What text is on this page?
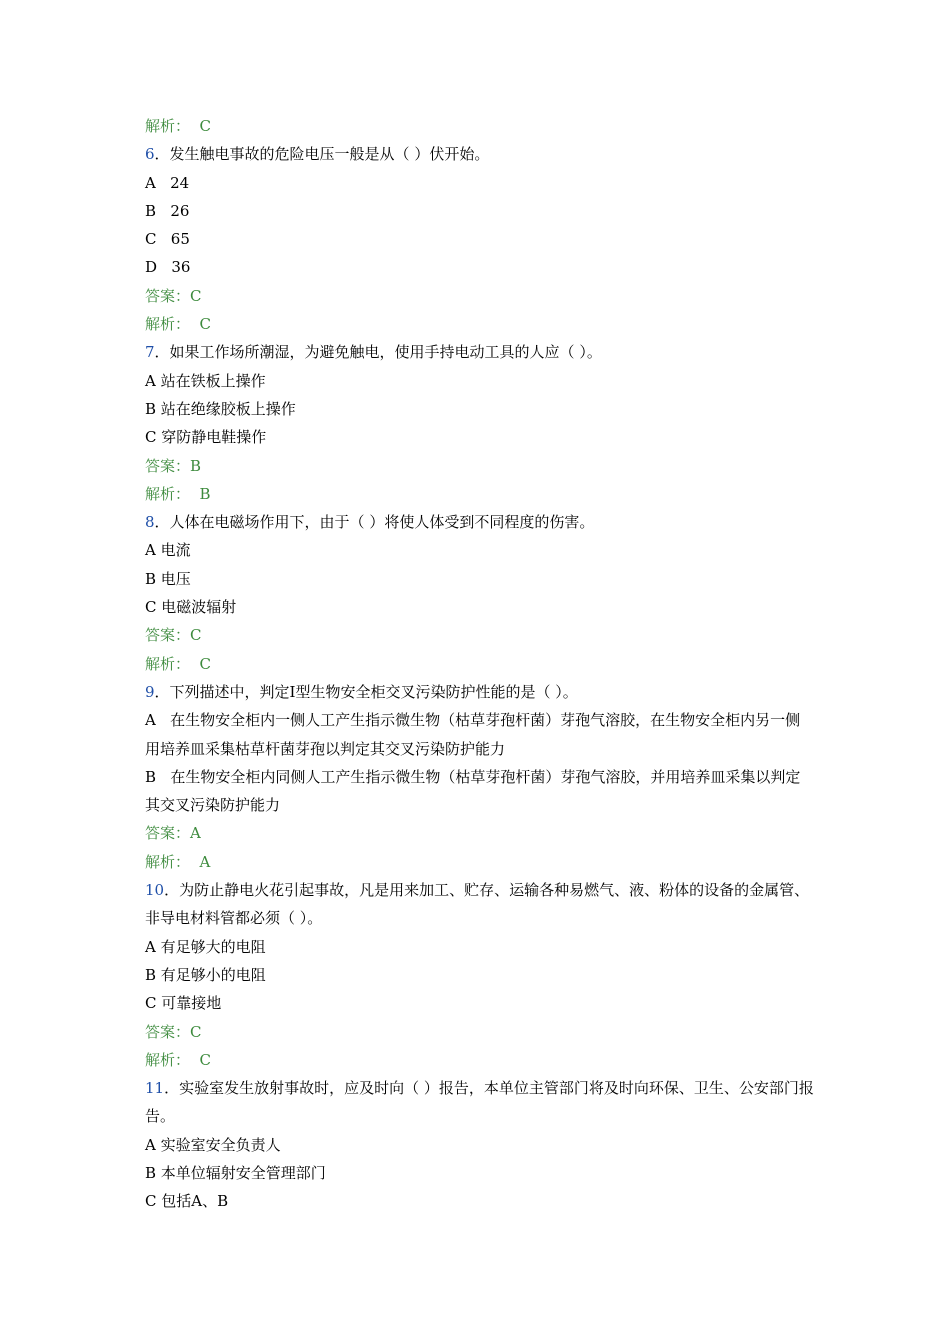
解析：  C
6．发生触电事故的危险电压一般是从（ ）伏开始。
A   24
B   26
C   65
D   36
答案：C
解析：  C
7．如果工作场所潮湿，为避免触电，使用手持电动工具的人应（ ）。
A 站在铁板上操作
B 站在绝缘胶板上操作
C 穿防静电鞋操作
答案：B
解析：  B
8．人体在电磁场作用下，由于（ ）将使人体受到不同程度的伤害。
A 电流
B 电压
C 电磁波辐射
答案：C
解析：  C
9．下列描述中，判定Ⅰ型生物安全柜交叉污染防护性能的是（ ）。
A   在生物安全柜内一侧人工产生指示微生物（枯草芽孢杆菌）芽孢气溶胶，在生物安全柜内另一侧用培养皿采集枯草杆菌芽孢以判定其交叉污染防护能力
B   在生物安全柜内同侧人工产生指示微生物（枯草芽孢杆菌）芽孢气溶胶，并用培养皿采集以判定其交叉污染防护能力
答案：A
解析：  A
10．为防止静电火花引起事故，凡是用来加工、贮存、运输各种易燃气、液、粉体的设备的金属管、非导电材料管都必须（ ）。
A 有足够大的电阻
B 有足够小的电阻
C 可靠接地
答案：C
解析：  C
11．实验室发生放射事故时，应及时向（ ）报告，本单位主管部门将及时向环保、卫生、公安部门报告。
A 实验室安全负责人
B 本单位辐射安全管理部门
C 包括A、B
